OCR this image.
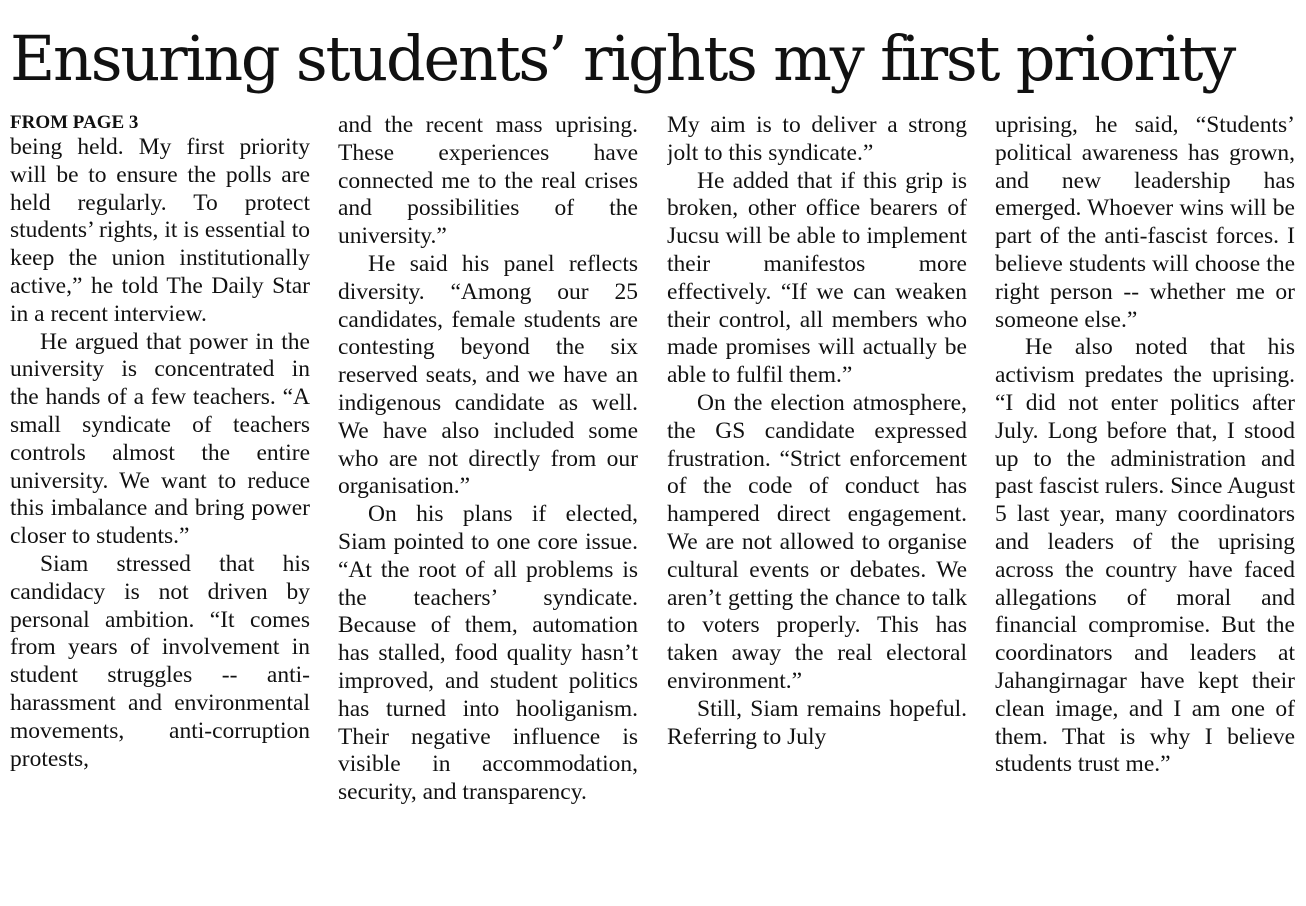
Ensuring students’ rights my first priority

FROM PAGE 3

being held. My first priority will be to ensure the polls are held regularly. To protect students’ rights, it is essential to keep the union institutionally active,” he told The Daily Star in a recent interview.

He argued that power in the university is concentrated in the hands of a few teachers. “A small syndicate of teachers controls almost the entire university. We want to reduce this imbalance and bring power closer to students.”

Siam stressed that his candidacy is not driven by personal ambition. “It comes from years of involvement in student struggles -- anti-harassment and environmental movements, anti-corruption protests,

and the recent mass uprising. These experiences have connected me to the real crises and possibilities of the university.”

He said his panel reflects diversity. “Among our 25 candidates, female students are contesting beyond the six reserved seats, and we have an indigenous candidate as well. We have also included some who are not directly from our organisation.”

On his plans if elected, Siam pointed to one core issue. “At the root of all problems is the teachers’ syndicate. Because of them, automation has stalled, food quality hasn’t improved, and student politics has turned into hooliganism. Their negative influence is visible in accommodation, security, and transparency.

My aim is to deliver a strong jolt to this syndicate.”

He added that if this grip is broken, other office bearers of Jucsu will be able to implement their manifestos more effectively. “If we can weaken their control, all members who made promises will actually be able to fulfil them.”

On the election atmosphere, the GS candidate expressed frustration. “Strict enforcement of the code of conduct has hampered direct engagement. We are not allowed to organise cultural events or debates. We aren’t getting the chance to talk to voters properly. This has taken away the real electoral environment.”

Still, Siam remains hopeful. Referring to July

uprising, he said, “Students’ political awareness has grown, and new leadership has emerged. Whoever wins will be part of the anti-fascist forces. I believe students will choose the right person -- whether me or someone else.”

He also noted that his activism predates the uprising. “I did not enter politics after July. Long before that, I stood up to the administration and past fascist rulers. Since August 5 last year, many coordinators and leaders of the uprising across the country have faced allegations of moral and financial compromise. But the coordinators and leaders at Jahangirnagar have kept their clean image, and I am one of them. That is why I believe students trust me.”
